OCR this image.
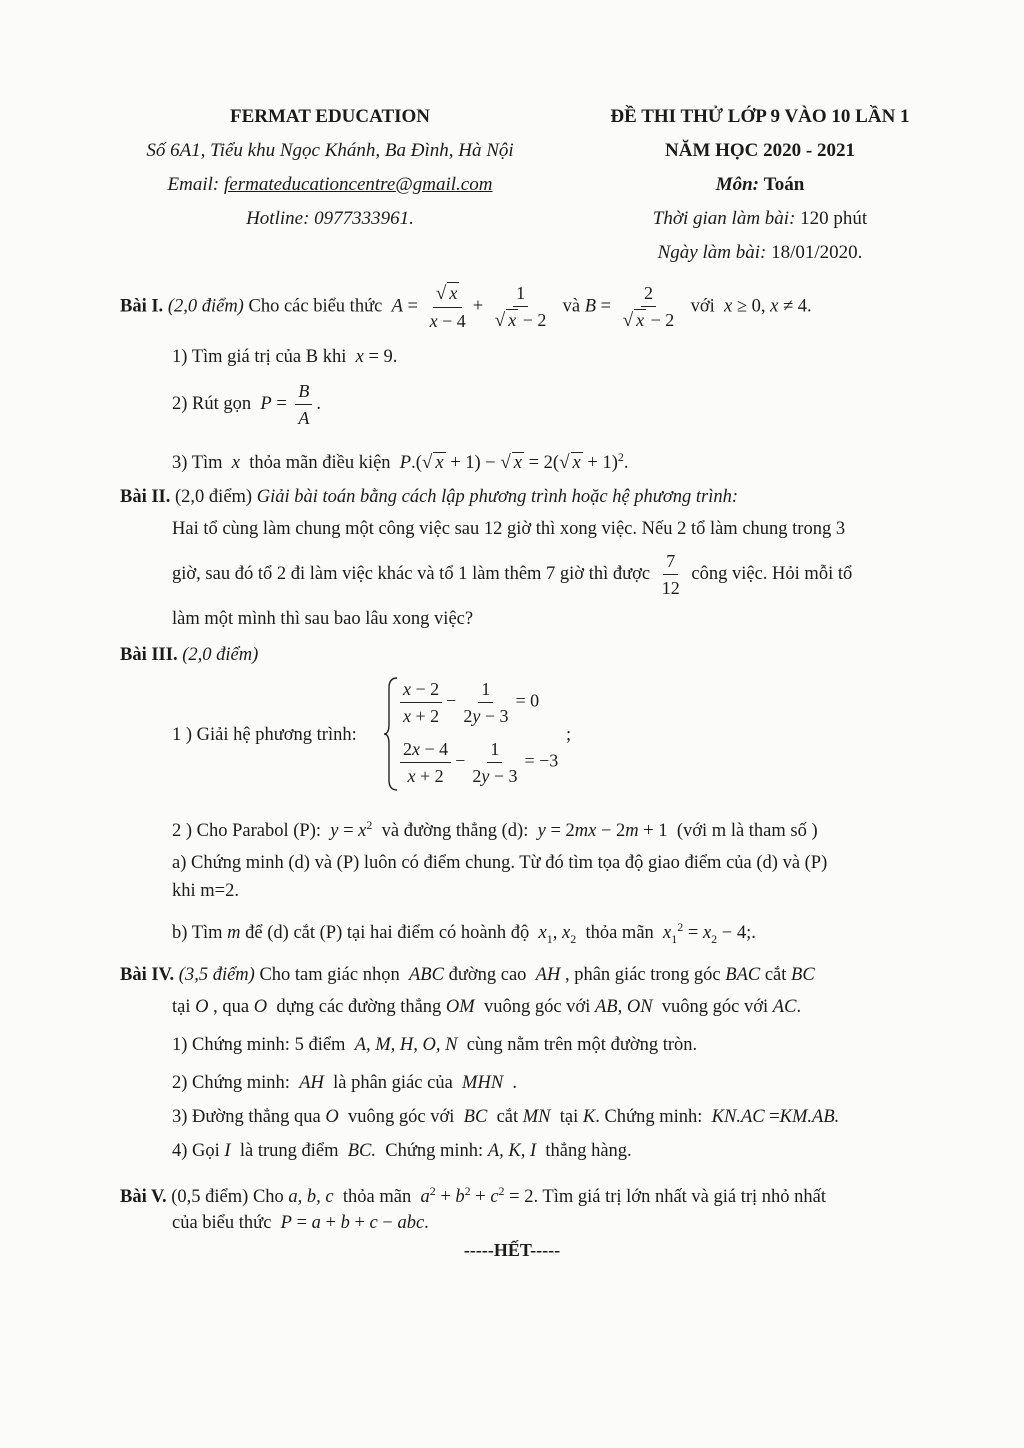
FERMAT EDUCATION
Số 6A1, Tiểu khu Ngọc Khánh, Ba Đình, Hà Nội
Email: fermateducationcentre@gmail.com
Hotline: 0977333961.
ĐỀ THI THỬ LỚP 9 VÀO 10 LẦN 1
NĂM HỌC 2020 - 2021
Môn: Toán
Thời gian làm bài: 120 phút
Ngày làm bài: 18/01/2020.
Bài I. (2,0 điểm) Cho các biểu thức  $A = \frac{√ x}{x - 4} + \frac{1}{√ x - 2}$ và $B = \frac{2}{√ x - 2}$ với  x ≥ 0, x ≠ 4.
1) Tìm giá trị của B khi x = 9.
2) Rút gọn $P = \frac{B}{A}$ .
3) Tìm  x  thỏa mãn điều kiện  P.(√ x + 1) − √ x = 2(√ x + 1)$^2$.
Bài II. (2,0 điểm) Giải bài toán bằng cách lập phương trình hoặc hệ phương trình:
Hai tổ cùng làm chung một công việc sau 12 giờ thì xong việc. Nếu 2 tổ làm chung trong 3
giờ, sau đó tổ 2 đi làm việc khác và tổ 1 làm thêm 7 giờ thì được $\frac{7}{12}$ công việc. Hỏi mỗi tổ
làm một mình thì sau bao lâu xong việc?
Bài III. (2,0 điểm)
1 ) Giải hệ phương trình:
$\frac{x - 2}{x + 2} - \frac{1}{2y - 3} = 0$
$\frac{2x - 4}{x + 2} - \frac{1}{2y - 3} = -3$
;
2 ) Cho Parabol (P):  $y = x^2$ và đường thẳng (d):  y = 2mx − 2m + 1  (với m là tham số )
a) Chứng minh (d) và (P) luôn có điểm chung. Từ đó tìm tọa độ giao điểm của (d) và (P)
khi m=2.
b) Tìm m để (d) cắt (P) tại hai điểm có hoành độ  $x_1$, $x_2$ thỏa mãn  $x_1^2 = x_2 - 4$;.
Bài IV. (3,5 điểm) Cho tam giác nhọn  ABC đường cao  AH , phân giác trong góc BAC cắt BC
tại O , qua O dựng các đường thẳng OM vuông góc với AB, ON vuông góc với AC.
1) Chứng minh: 5 điểm  A, M, H, O, N cùng nằm trên một đường tròn.
2) Chứng minh:  AH là phân giác của  MHN  .
3) Đường thẳng qua O vuông góc với  BC cắt MN tại K. Chứng minh:  KN.AC =KM.AB.
4) Gọi I là trung điểm  BC. Chứng minh: A, K, I thẳng hàng.
Bài V. (0,5 điểm) Cho a, b, c thỏa mãn  $a^2 + b^2 + c^2 = 2$. Tìm giá trị lớn nhất và giá trị nhỏ nhất
của biểu thức  P = a + b + c − abc.
-----HẾT-----
